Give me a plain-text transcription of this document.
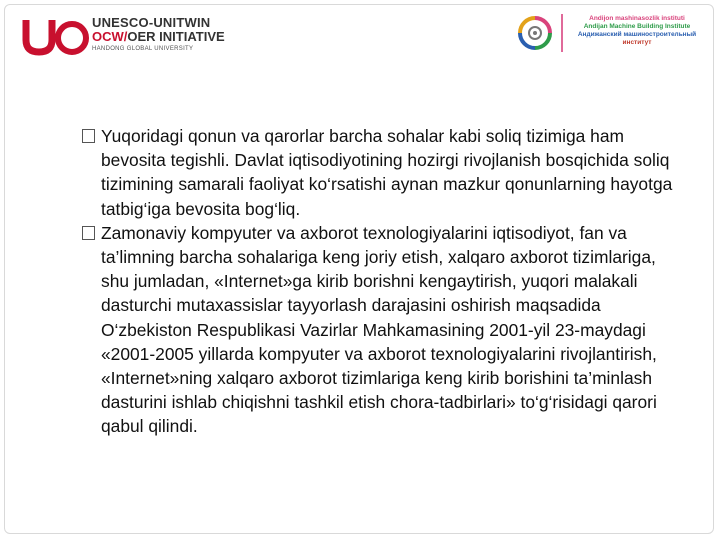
UNESCO-UNITWIN
OCW/OER INITIATIVE
HANDONG GLOBAL UNIVERSITY
Andijon mashinasozlik instituti
Andijan Machine Building Institute
Андижанский машиностроительный
институт

Yuqoridagi qonun va qarorlar barcha sohalar kabi soliq tizimiga ham bevosita tegishli. Davlat iqtisodiyotining hozirgi rivojlanish bosqichida soliq tizimining samarali faoliyat ko‘rsatishi aynan mazkur qonunlarning hayotga tatbig‘iga bevosita bog‘liq.

Zamonaviy kompyuter va axborot texnologiyalarini iqtisodiyot, fan va ta’limning barcha sohalariga keng joriy etish, xalqaro axborot tizimlariga, shu jumladan, «Internet»ga kirib borishni kengaytirish, yuqori malakali dasturchi mutaxassislar tayyorlash darajasini oshirish maqsadida O‘zbekiston Respublikasi Vazirlar Mahkamasining 2001-yil 23-maydagi «2001-2005 yillarda kompyuter va axborot texnologiyalarini rivojlantirish, «Internet»ning xalqaro axborot tizimlariga keng kirib borishini ta’minlash dasturini ishlab chiqishni tashkil etish chora-tadbirlari» to‘g‘risidagi qarori qabul qilindi.
